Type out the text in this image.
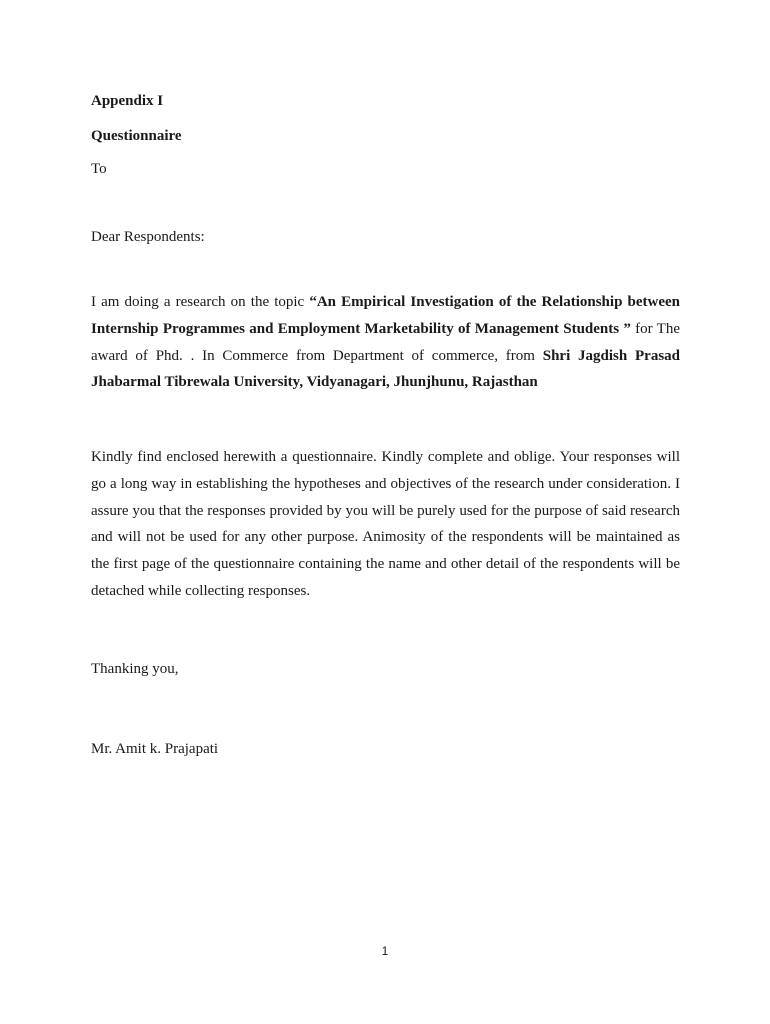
Appendix I

Questionnaire

To

Dear Respondents:

I am doing a research on the topic “An Empirical Investigation of the Relationship between Internship Programmes and Employment Marketability of Management Students ” for The award of Phd. . In Commerce from Department of commerce, from Shri Jagdish Prasad Jhabarmal Tibrewala University, Vidyanagari, Jhunjhunu, Rajasthan

Kindly find enclosed herewith a questionnaire. Kindly complete and oblige. Your responses will go a long way in establishing the hypotheses and objectives of the research under consideration. I assure you that the responses provided by you will be purely used for the purpose of said research and will not be used for any other purpose. Animosity of the respondents will be maintained as the first page of the questionnaire containing the name and other detail of the respondents will be detached while collecting responses.

Thanking you,

Mr. Amit k. Prajapati

1
